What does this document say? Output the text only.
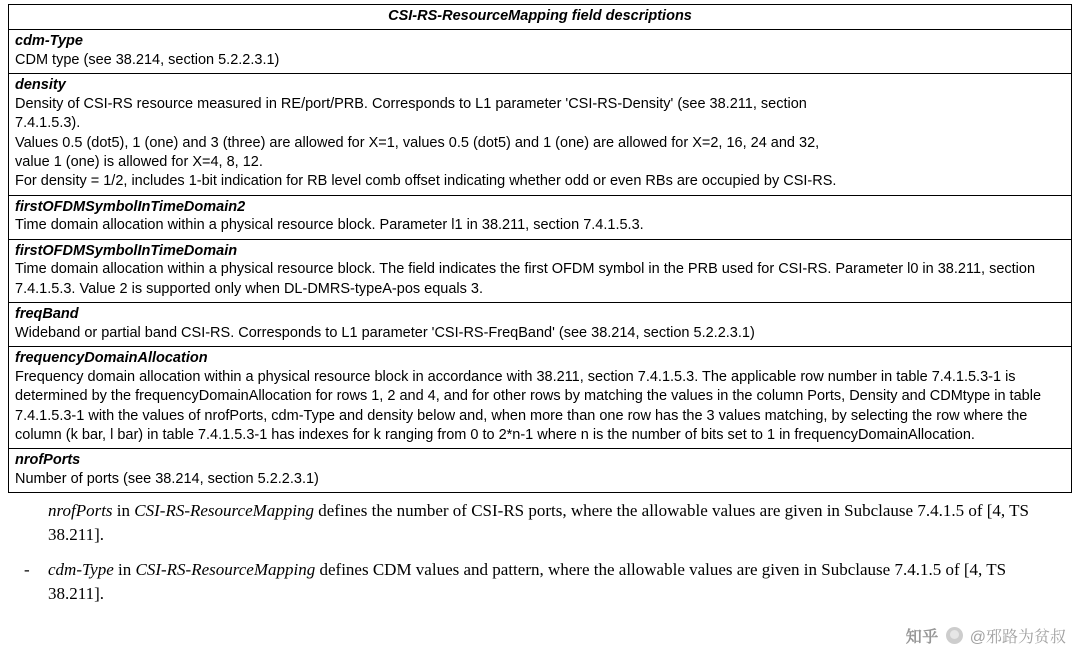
CSI-RS-ResourceMapping field descriptions

cdm-Type
CDM type (see 38.214, section 5.2.2.3.1)

density
Density of CSI-RS resource measured in RE/port/PRB. Corresponds to L1 parameter 'CSI-RS-Density' (see 38.211, section
7.4.1.5.3).
Values 0.5 (dot5), 1 (one) and 3 (three) are allowed for X=1, values 0.5 (dot5) and 1 (one) are allowed for X=2, 16, 24 and 32,
value 1 (one) is allowed for X=4, 8, 12.
For density = 1/2, includes 1-bit indication for RB level comb offset indicating whether odd or even RBs are occupied by CSI-RS.

firstOFDMSymbolInTimeDomain2
Time domain allocation within a physical resource block. Parameter l1 in 38.211, section 7.4.1.5.3.

firstOFDMSymbolInTimeDomain
Time domain allocation within a physical resource block. The field indicates the first OFDM symbol in the PRB used for CSI-RS. Parameter l0 in 38.211, section 7.4.1.5.3. Value 2 is supported only when DL-DMRS-typeA-pos equals 3.

freqBand
Wideband or partial band CSI-RS. Corresponds to L1 parameter 'CSI-RS-FreqBand' (see 38.214, section 5.2.2.3.1)

frequencyDomainAllocation
Frequency domain allocation within a physical resource block in accordance with 38.211, section 7.4.1.5.3. The applicable row number in table 7.4.1.5.3-1 is determined by the frequencyDomainAllocation for rows 1, 2 and 4, and for other rows by matching the values in the column Ports, Density and CDMtype in table 7.4.1.5.3-1 with the values of nrofPorts, cdm-Type and density below and, when more than one row has the 3 values matching, by selecting the row where the column (k bar, l bar) in table 7.4.1.5.3-1 has indexes for k ranging from 0 to 2*n-1 where n is the number of bits set to 1 in frequencyDomainAllocation.

nrofPorts
Number of ports (see 38.214, section 5.2.2.3.1)
nrofPorts in CSI-RS-ResourceMapping defines the number of CSI-RS ports, where the allowable values are given in Subclause 7.4.1.5 of [4, TS 38.211].
- cdm-Type in CSI-RS-ResourceMapping defines CDM values and pattern, where the allowable values are given in Subclause 7.4.1.5 of [4, TS 38.211].
知乎 @邪路为贫叔
